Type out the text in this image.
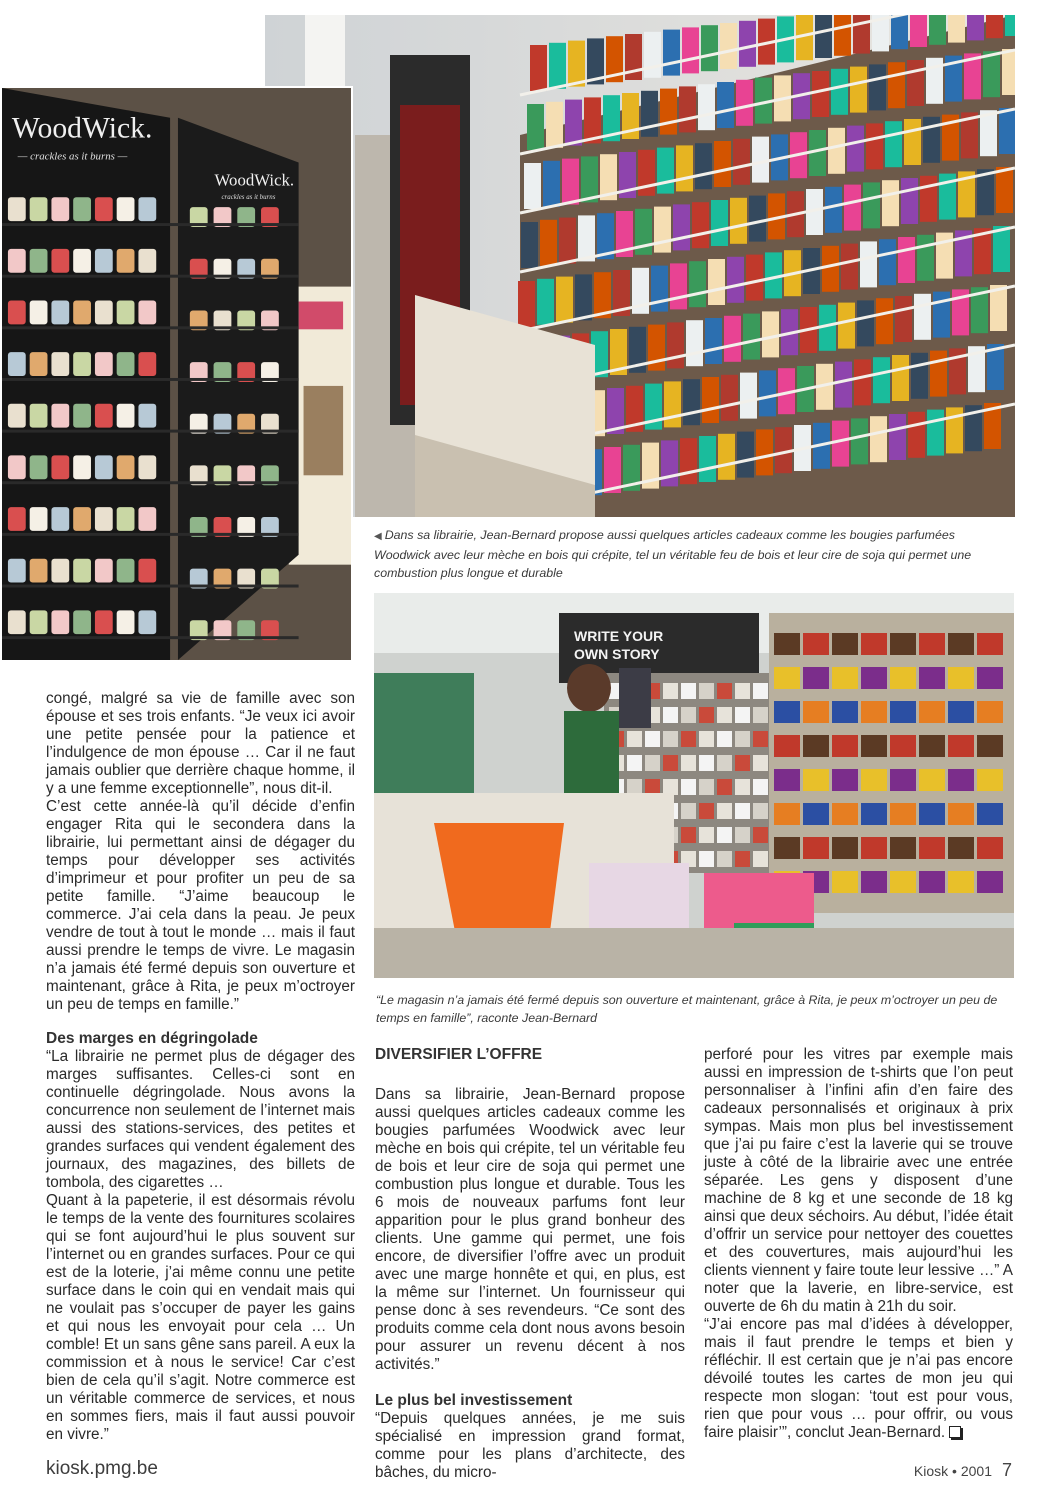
WoodWick.
— crackles as it burns —
WoodWick.
crackles as it burns
WRITE YOUR
OWN STORY
◀ Dans sa librairie, Jean-Bernard propose aussi quelques articles cadeaux comme les bougies parfumées Woodwick avec leur mèche en bois qui crépite, tel un véritable feu de bois et leur cire de soja qui permet une combustion plus longue et durable
“Le magasin n’a jamais été fermé depuis son ouverture et maintenant, grâce à Rita, je peux m’octroyer un peu de temps en famille”, raconte Jean-Bernard

congé, malgré sa vie de famille avec son épouse et ses trois enfants. “Je veux ici avoir une petite pensée pour la patience et l’indulgence de mon épouse … Car il ne faut jamais oublier que derrière chaque homme, il y a une femme exceptionnelle”, nous dit-il.

C’est cette année-là qu’il décide d’enfin engager Rita qui le secondera dans la librairie, lui permettant ainsi de dégager du temps pour développer ses activités d’imprimeur et pour profiter un peu de sa petite famille. “J’aime beaucoup le commerce. J’ai cela dans la peau. Je peux vendre de tout à tout le monde … mais il faut aussi prendre le temps de vivre. Le magasin n’a jamais été fermé depuis son ouverture et maintenant, grâce à Rita, je peux m’octroyer un peu de temps en famille.”

Des marges en dégringolade

“La librairie ne permet plus de dégager des marges suffisantes. Celles-ci sont en continuelle dégringolade. Nous avons la concurrence non seulement de l’internet mais aussi des stations-services, des petites et grandes surfaces qui vendent également des journaux, des magazines, des billets de tombola, des cigarettes …

Quant à la papeterie, il est désormais révolu le temps de la vente des fournitures scolaires qui se font aujourd’hui le plus souvent sur l’internet ou en grandes surfaces. Pour ce qui est de la loterie, j’ai même connu une petite surface dans le coin qui en vendait mais qui ne voulait pas s’occuper de payer les gains et qui nous les envoyait pour cela … Un comble! Et un sans gêne sans pareil. A eux la commission et à nous le service! Car c’est bien de cela qu’il s’agit. Notre commerce est un véritable commerce de services, et nous en sommes fiers, mais il faut aussi pouvoir en vivre.”

DIVERSIFIER L’OFFRE

Dans sa librairie, Jean-Bernard propose aussi quelques articles cadeaux comme les bougies parfumées Woodwick avec leur mèche en bois qui crépite, tel un véritable feu de bois et leur cire de soja qui permet une combustion plus longue et durable. Tous les 6 mois de nouveaux parfums font leur apparition pour le plus grand bonheur des clients. Une gamme qui permet, une fois encore, de diversifier l’offre avec un produit avec une marge honnête et qui, en plus, est la même sur l’internet. Un fournisseur qui pense donc à ses revendeurs. “Ce sont des produits comme cela dont nous avons besoin pour assurer un revenu décent à nos activités.”

Le plus bel investissement

“Depuis quelques années, je me suis spécialisé en impression grand format, comme pour les plans d’architecte, des bâches, du micro-

perforé pour les vitres par exemple mais aussi en impression de t-shirts que l’on peut personnaliser à l’infini afin d’en faire des cadeaux personnalisés et originaux à prix sympas. Mais mon plus bel investissement que j’ai pu faire c’est la laverie qui se trouve juste à côté de la librairie avec une entrée séparée. Les gens y disposent d’une machine de 8 kg et une seconde de 18 kg ainsi que deux séchoirs. Au début, l’idée était d’offrir un service pour nettoyer des couettes et des couvertures, mais aujourd’hui les clients viennent y faire toute leur lessive …” A noter que la laverie, en libre-service, est ouverte de 6h du matin à 21h du soir.

“J’ai encore pas mal d’idées à développer, mais il faut prendre le temps et bien y réfléchir. Il est certain que je n’ai pas encore dévoilé toutes les cartes de mon jeu qui respecte mon slogan: ‘tout est pour vous, rien que pour vous … pour offrir, ou vous faire plaisir’”, conclut Jean-Bernard.

kiosk.pmg.be	Kiosk • 2001 7
